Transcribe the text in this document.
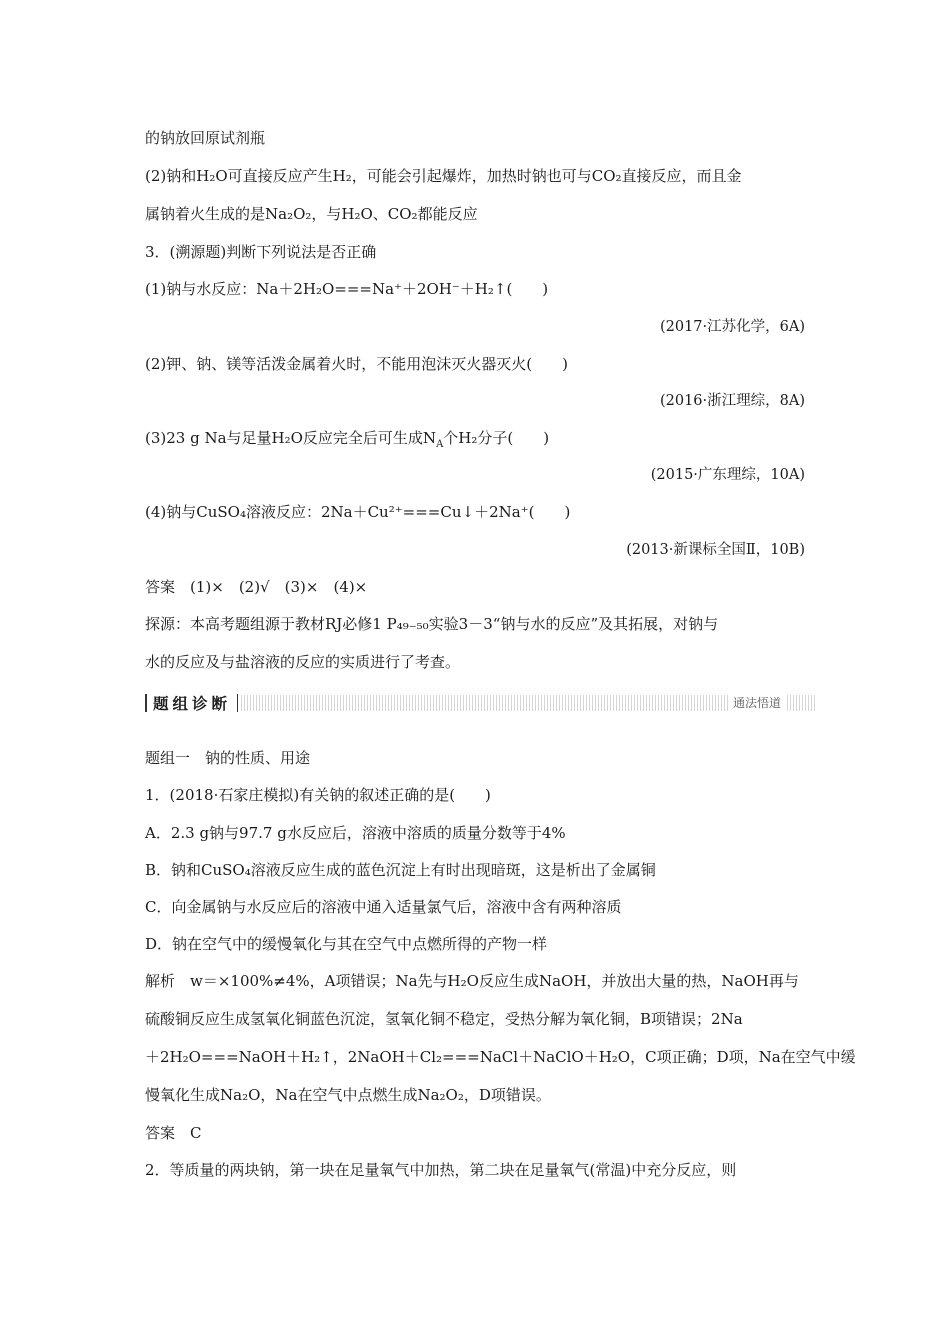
的钠放回原试剂瓶
(2)钠和H₂O可直接反应产生H₂，可能会引起爆炸，加热时钠也可与CO₂直接反应，而且金
属钠着火生成的是Na₂O₂，与H₂O、CO₂都能反应
3．(溯源题)判断下列说法是否正确
(1)钠与水反应：Na＋2H₂O===Na⁺＋2OH⁻＋H₂↑(　　)
(2017·江苏化学，6A)
(2)钾、钠、镁等活泼金属着火时，不能用泡沫灭火器灭火(　　)
(2016·浙江理综，8A)
(3)23 g Na与足量H₂O反应完全后可生成$N_A$个H₂分子(　　)
(2015·广东理综，10A)
(4)钠与CuSO₄溶液反应：2Na＋Cu²⁺===Cu↓＋2Na⁺(　　)
(2013·新课标全国Ⅱ，10B)
答案　(1)×　(2)√　(3)×　(4)×
探源：本高考题组源于教材RJ必修1 P₄₉₋₅₀实验3－3“钠与水的反应”及其拓展，对钠与
水的反应及与盐溶液的反应的实质进行了考查。
题组诊断	通法悟道
题组一　钠的性质、用途
1．(2018·石家庄模拟)有关钠的叙述正确的是(　　)
A．2.3 g钠与97.7 g水反应后，溶液中溶质的质量分数等于4%
B．钠和CuSO₄溶液反应生成的蓝色沉淀上有时出现暗斑，这是析出了金属铜
C．向金属钠与水反应后的溶液中通入适量氯气后，溶液中含有两种溶质
D．钠在空气中的缓慢氧化与其在空气中点燃所得的产物一样
解析　w＝×100%≠4%，A项错误；Na先与H₂O反应生成NaOH，并放出大量的热，NaOH再与
硫酸铜反应生成氢氧化铜蓝色沉淀，氢氧化铜不稳定，受热分解为氧化铜，B项错误；2Na
＋2H₂O===NaOH＋H₂↑，2NaOH＋Cl₂===NaCl＋NaClO＋H₂O，C项正确；D项，Na在空气中缓
慢氧化生成Na₂O，Na在空气中点燃生成Na₂O₂，D项错误。
答案　C
2．等质量的两块钠，第一块在足量氧气中加热，第二块在足量氧气(常温)中充分反应，则
